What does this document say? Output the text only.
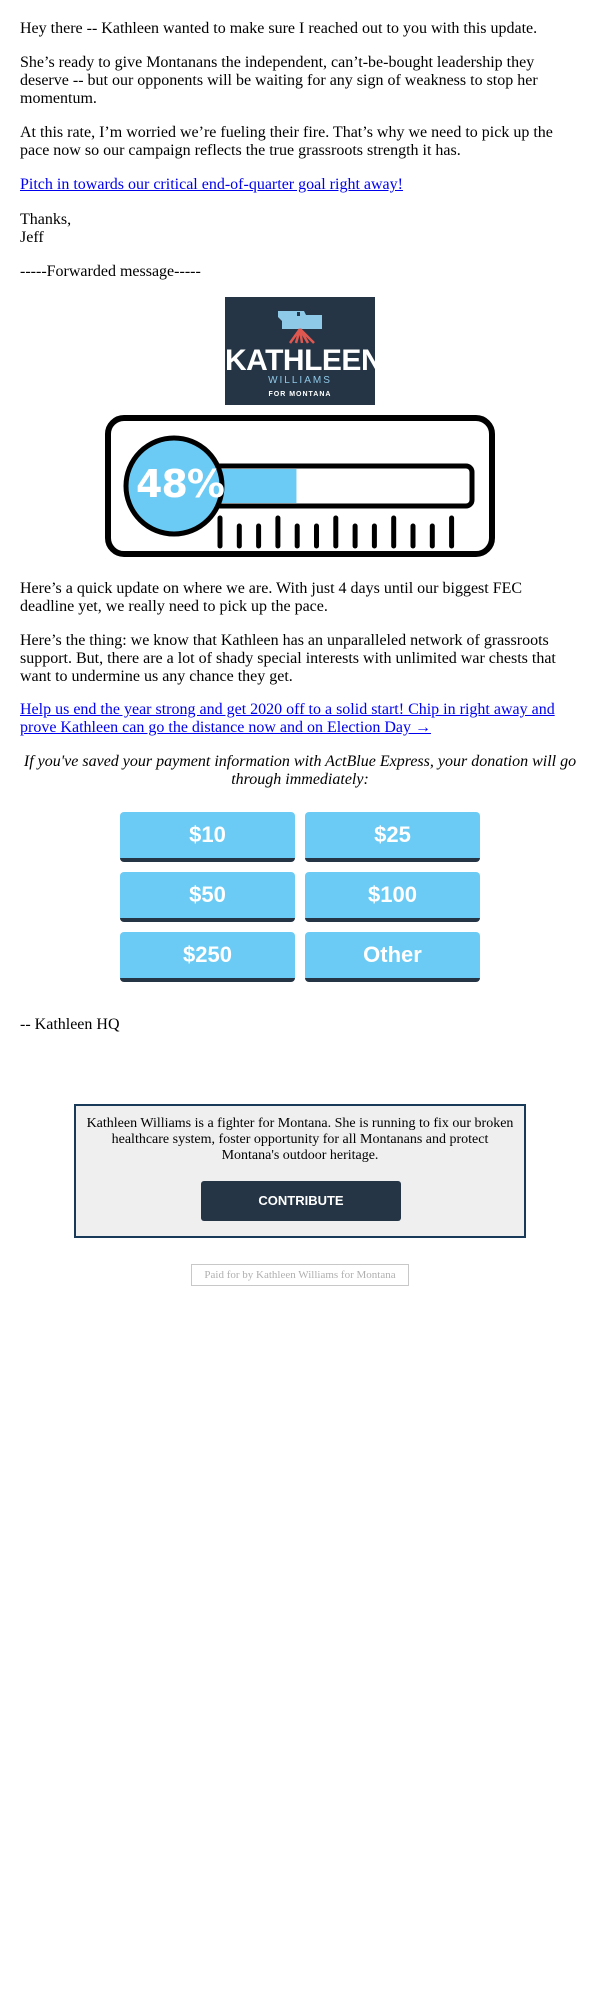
Hey there -- Kathleen wanted to make sure I reached out to you with this update.

She’s ready to give Montanans the independent, can’t-be-bought leadership they deserve -- but our opponents will be waiting for any sign of weakness to stop her momentum.

At this rate, I’m worried we’re fueling their fire. That’s why we need to pick up the pace now so our campaign reflects the true grassroots strength it has.

Pitch in towards our critical end-of-quarter goal right away!

Thanks,
Jeff

-----Forwarded message-----

KATHLEEN
WILLIAMS
FOR MONTANA
48%

Here’s a quick update on where we are. With just 4 days until our biggest FEC deadline yet, we really need to pick up the pace.

Here’s the thing: we know that Kathleen has an unparalleled network of grassroots support. But, there are a lot of shady special interests with unlimited war chests that want to undermine us any chance they get.

Help us end the year strong and get 2020 off to a solid start! Chip in right away and prove Kathleen can go the distance now and on Election Day →

If you've saved your payment information with ActBlue Express, your donation will go through immediately:

$10	$25
$50	$100
$250	Other

-- Kathleen HQ

Kathleen Williams is a fighter for Montana. She is running to fix our broken healthcare system, foster opportunity for all Montanans and protect Montana's outdoor heritage.
CONTRIBUTE
Paid for by Kathleen Williams for Montana
